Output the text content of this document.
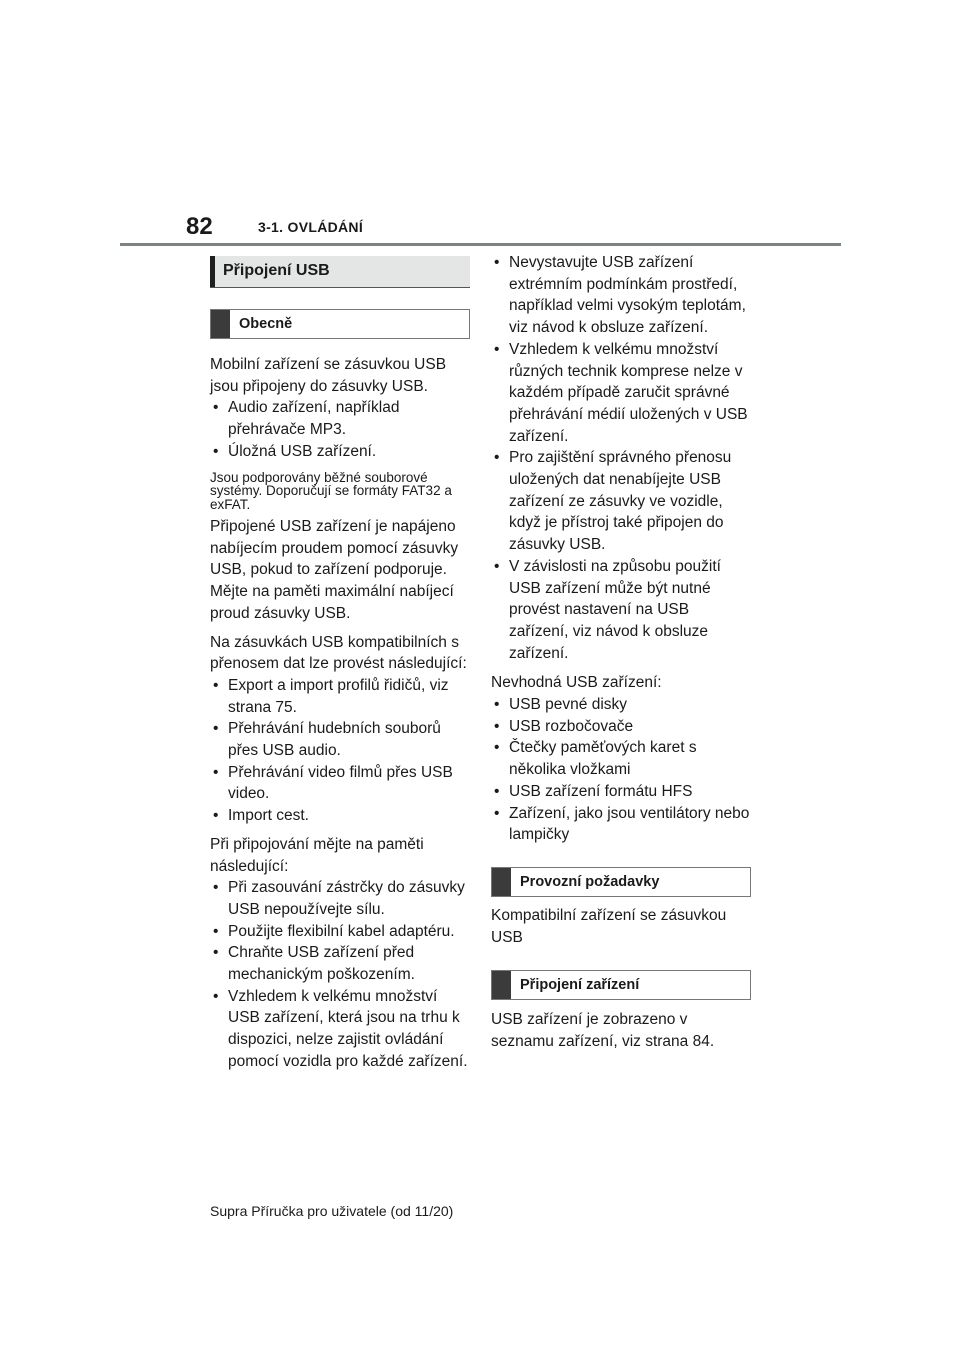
82	3-1. OVLÁDÁNÍ
Připojení USB
Obecně

Mobilní zařízení se zásuvkou USB jsou připojeny do zásuvky USB.

• Audio zařízení, například přehrávače MP3.
• Úložná USB zařízení.

Jsou podporovány běžné souborové systémy. Doporučují se formáty FAT32 a exFAT.

Připojené USB zařízení je napájeno nabíjecím proudem pomocí zásuvky USB, pokud to zařízení podporuje. Mějte na paměti maximální nabíjecí proud zásuvky USB.

Na zásuvkách USB kompatibilních s přenosem dat lze provést následující:

• Export a import profilů řidičů, viz strana 75.
• Přehrávání hudebních souborů přes USB audio.
• Přehrávání video filmů přes USB video.
• Import cest.

Při připojování mějte na paměti následující:

• Při zasouvání zástrčky do zásuvky USB nepoužívejte sílu.
• Použijte flexibilní kabel adaptéru.
• Chraňte USB zařízení před mechanickým poškozením.
• Vzhledem k velkému množství USB zařízení, která jsou na trhu k dispozici, nelze zajistit ovládání pomocí vozidla pro každé zařízení.
• Nevystavujte USB zařízení extrémním podmínkám prostředí, například velmi vysokým teplotám, viz návod k obsluze zařízení.
• Vzhledem k velkému množství různých technik komprese nelze v každém případě zaručit správné přehrávání médií uložených v USB zařízení.
• Pro zajištění správného přenosu uložených dat nenabíjejte USB zařízení ze zásuvky ve vozidle, když je přístroj také připojen do zásuvky USB.
• V závislosti na způsobu použití USB zařízení může být nutné provést nastavení na USB zařízení, viz návod k obsluze zařízení.

Nevhodná USB zařízení:

• USB pevné disky
• USB rozbočovače
• Čtečky paměťových karet s několika vložkami
• USB zařízení formátu HFS
• Zařízení, jako jsou ventilátory nebo lampičky
Provozní požadavky

Kompatibilní zařízení se zásuvkou USB

Připojení zařízení

USB zařízení je zobrazeno v seznamu zařízení, viz strana 84.

Supra Příručka pro uživatele (od 11/20)
